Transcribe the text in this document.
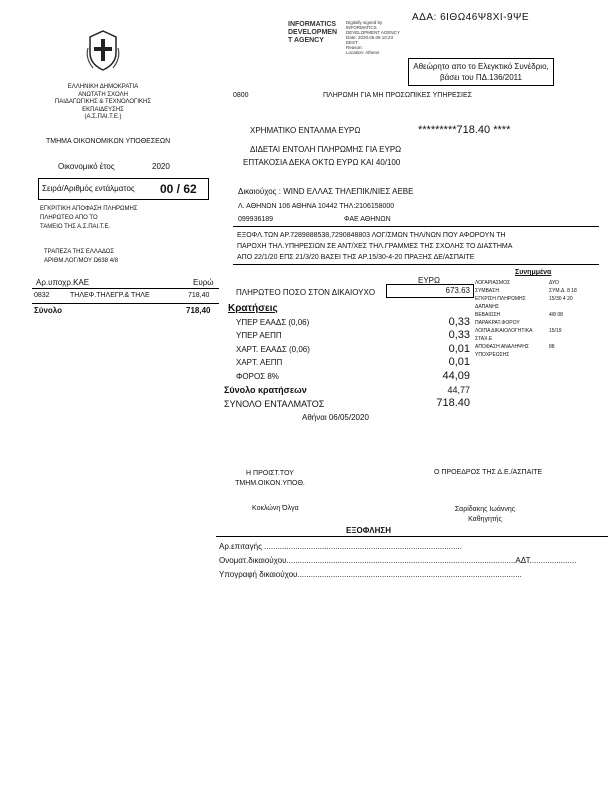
ΑΔΑ: 6ΙΘΩ46Ψ8ΧΙ-9ΨΕ
INFORMATICS
DEVELOPMEN
T AGENCY
Digitally signed by
INFORMATICS
DEVELOPMENT AGENCY
Date: 2020.05.06 10:23
EEST
Reason:
Location: Athens
Αθεώρητο απο το Ελεγκτικό Συνέδριο,
βάσει του ΠΔ.136/2011
ΕΛΛΗΝΙΚΗ ΔΗΜΟΚΡΑΤΙΑ
ΑΝΩΤΑΤΗ ΣΧΟΛΗ
ΠΑΙΔΑΓΩΓΙΚΗΣ & ΤΕΧΝΟΛΟΓΙΚΗΣ
ΕΚΠΑΙΔΕΥΣΗΣ
(Α.Σ.ΠΑΙ.Τ.Ε.)
0800	ΠΛΗΡΩΜΗ ΓΙΑ ΜΗ ΠΡΟΣΩΠΙΚΕΣ ΥΠΗΡΕΣΙΕΣ
ΤΜΗΜΑ ΟΙΚΟΝΟΜΙΚΩΝ ΥΠΟΘΕΣΕΩΝ
ΧΡΗΜΑΤΙΚΟ ΕΝΤΑΛΜΑ ΕΥΡΩ	*********718.40 ****
ΔΙΔΕΤΑΙ ΕΝΤΟΛΗ ΠΛΗΡΩΜΗΣ ΓΙΑ ΕΥΡΩ
ΕΠΤΑΚΟΣΙΑ ΔΕΚΑ ΟΚΤΩ ΕΥΡΩ ΚΑΙ 40/100
Οικονομικό έτος	2020
Σειρά/Αριθμός εντάλματος 00 / 62	Δικαιούχος : WIND ΕΛΛΑΣ ΤΗΛΕΠΙΚ/ΝΙΕΣ ΑΕΒΕ
Λ. ΑΘΗΝΩΝ 106 ΑΘΗΝΑ 10442 ΤΗΛ:2106158000
099936189	ΦΑΕ ΑΘΗΝΩΝ
ΕΓΚΡΙΤΙΚΗ ΑΠΟΦΑΣΗ ΠΛΗΡΩΜΗΣ
ΠΛΗΡΩΤΕΟ ΑΠΟ ΤΟ
ΤΑΜΕΙΟ ΤΗΣ Α.Σ.ΠΑΙ.Τ.Ε.
ΤΡΑΠΕΖΑ ΤΗΣ ΕΛΛΑΔΟΣ
ΑΡΙΘΜ.ΛΟΓ/ΜΟΥ Ω638 4/8
ΕΞΟΦΛ.ΤΩΝ ΑΡ.7289888538,7290848803 ΛΟΓ/ΣΜΩΝ ΤΗΛ/ΝΩΝ ΠΟΥ ΑΦΟΡΟΥΝ ΤΗ
ΠΑΡΟΧΗ ΤΗΛ.ΥΠΗΡΕΣΙΩΝ ΣΕ ΑΝΤ/ΧΕΣ ΤΗΛ.ΓΡΑΜΜΕΣ ΤΗΣ ΣΧΟΛΗΣ ΤΟ ΔΙΑΣΤΗΜΑ
ΑΠΟ 22/1/20 ΕΠΣ 21/3/20 ΒΑΣΕΙ ΤΗΣ ΑΡ.15/30-4-20 ΠΡΑΞΗΣ ΔΕ/ΑΣΠΑΙΤΕ
Αρ.υποχρ.ΚΑΕ	Ευρώ
0832	ΤΗΛΕΦ.ΤΗΛΕΓΡ.& ΤΗΛΕ	718,40
Σύνολο	718,40
ΕΥΡΩ
673.63
ΠΛΗΡΩΤΕΟ ΠΟΣΟ ΣΤΟΝ ΔΙΚΑΙΟΥΧΟ
Συνημμένα
ΛΟΓΑΡΙΑΣΜΟΣ	ΔΥΟ
ΣΥΜΒΑΣΗ	ΣΥΜ.Δ. 8 18
ΕΓΚΡΙΣΗ ΠΛΗΡΩΜΗΣ	15/30 4 20
ΔΑΠΑΝΗΣ
ΒΕΒΑΙΩΣΗ	4/8 08
ΠΑΡΑΚΡΑΤ.ΦΟΡΟΥ
ΛΟΙΠΑ ΔΙΚΑΙΟΛΟΓΗΤΙΚΑ	15/19
ΣΤΑΧ.Ε
ΑΠΟΦΑΣΗ ΑΝΑΛΗΨΗΣ	88
ΥΠΟΧΡΕΩΣΗΣ
Κρατήσεις
ΥΠΕΡ ΕΑΑΔΣ (0,06)	0,33
ΥΠΕΡ ΑΕΠΠ	0,33
ΧΑΡΤ. ΕΑΑΔΣ (0,06)	0,01
ΧΑΡΤ. ΑΕΠΠ	0,01
ΦΟΡΟΣ 8%	44,09
Σύνολο κρατήσεων	44,77
ΣΥΝΟΛΟ ΕΝΤΑΛΜΑΤΟΣ	718.40
Αθήναι 06/05/2020
Η ΠΡΟΙΣΤ.ΤΟΥ
ΤΜΗΜ.ΟΙΚΟΝ.ΥΠΟΘ.
Κοκλώνη Όλγα
Ο ΠΡΟΕΔΡΟΣ ΤΗΣ Δ.Ε./ΑΣΠΑΙΤΕ
Σαρίδακης Ιωάννης
Καθηγητής
ΕΞΟΦΛΗΣΗ
Αρ.επιταγής .........................................................................................
Ονοματ.δικαιούχου.......................................................................................................ΑΔΤ.....................
Υπογραφή δικαιούχου.....................................................................................................
